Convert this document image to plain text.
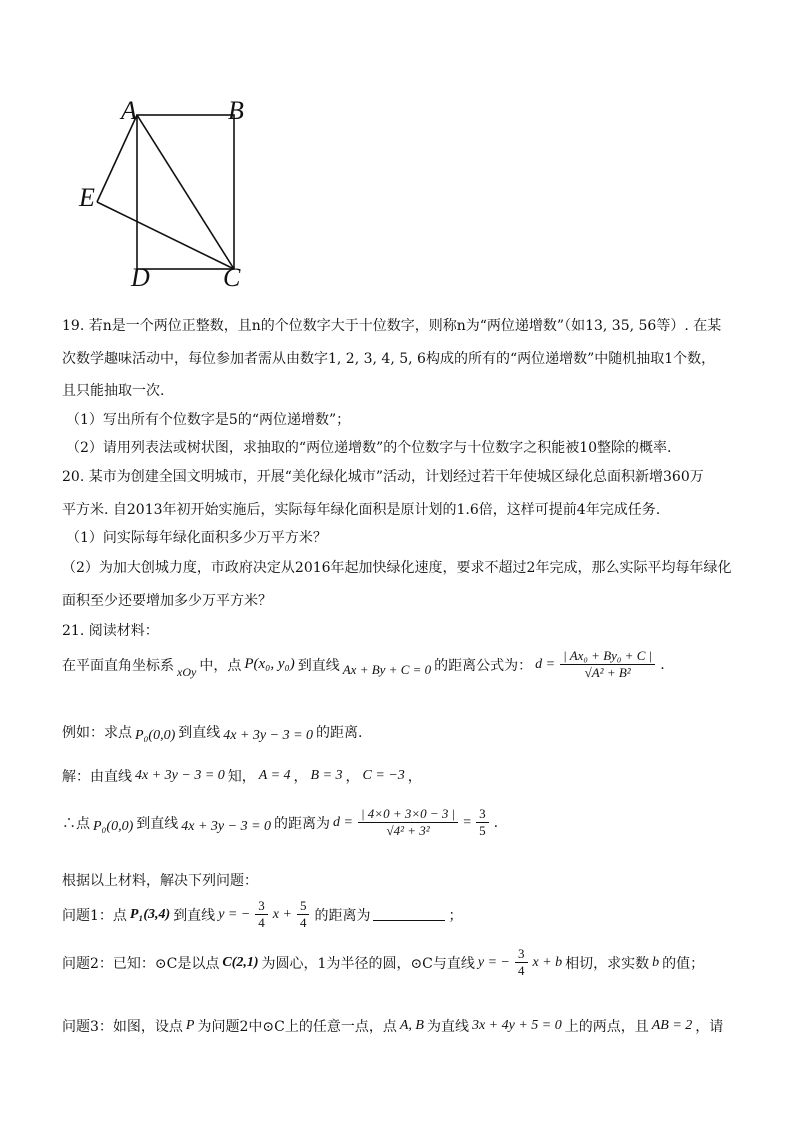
A	B
E
D	C
19. 若n是一个两位正整数，且n的个位数字大于十位数字，则称n为“两位递增数”（如13, 35, 56等）. 在某
次数学趣味活动中，每位参加者需从由数字1, 2, 3, 4, 5, 6构成的所有的“两位递增数”中随机抽取1个数，
且只能抽取一次.
（1）写出所有个位数字是5的“两位递增数”；
（2）请用列表法或树状图，求抽取的“两位递增数”的个位数字与十位数字之积能被10整除的概率.
20. 某市为创建全国文明城市，开展“美化绿化城市”活动，计划经过若干年使城区绿化总面积新增360万
平方米. 自2013年初开始实施后，实际每年绿化面积是原计划的1.6倍，这样可提前4年完成任务.
（1）问实际每年绿化面积多少万平方米？
（2）为加大创城力度，市政府决定从2016年起加快绿化速度，要求不超过2年完成，那么实际平均每年绿化
面积至少还要增加多少万平方米？
21. 阅读材料：
在平面直角坐标系 xOy 中，点 P(x₀, y₀) 到直线 Ax + By + C = 0 的距离公式为： $d = \frac{\text{| Ax₀ + By₀ + C |}}{\text{√A² + B²}}$ .
例如：求点 P₀(0,0) 到直线 4x + 3y − 3 = 0 的距离.
解：由直线 4x + 3y − 3 = 0 知， A = 4 ， B = 3 ， C = −3 ，
∴点 P₀(0,0) 到直线 4x + 3y − 3 = 0 的距离为 $d = \frac{| 4\times 0 + 3\times 0 - 3 |}{\text{√4² + 3²}} = \frac{3}{5}$ .
根据以上材料，解决下列问题：
问题1：点 P₁(3,4) 到直线 y = − $\frac{3}{4}$ $x + \frac{5}{4}$ 的距离为	；
问题2：已知：⊙C是以点 C(2,1) 为圆心，1为半径的圆，⊙C与直线 y = − $\frac{3}{4}$ x + b 相切，求实数 b 的值；
问题3：如图，设点 P 为问题2中⊙C上的任意一点，点 A, B 为直线 3x + 4y + 5 = 0 上的两点，且 AB = 2 ，请
